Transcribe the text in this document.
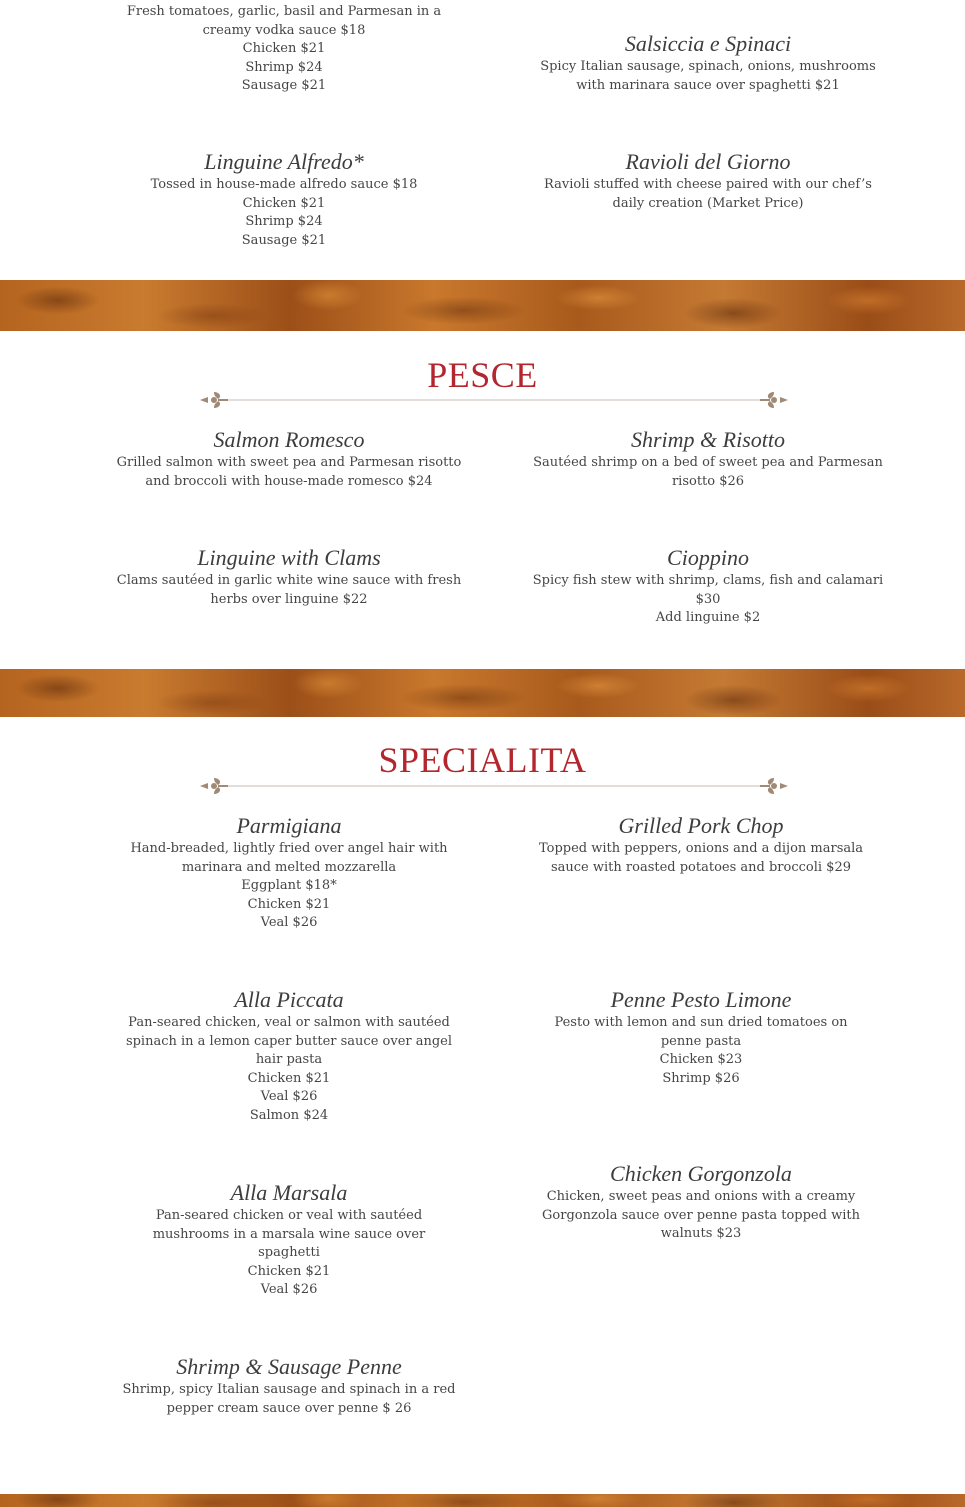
Fresh tomatoes, garlic, basil and Parmesan in a
creamy vodka sauce $18
Chicken $21
Shrimp $24
Sausage $21
Salsiccia e Spinaci
Spicy Italian sausage, spinach, onions, mushrooms
with marinara sauce over spaghetti $21
Linguine Alfredo*
Tossed in house-made alfredo sauce $18
Chicken $21
Shrimp $24
Sausage $21
Ravioli del Giorno
Ravioli stuffed with cheese paired with our chef’s
daily creation (Market Price)
PESCE
Salmon Romesco
Grilled salmon with sweet pea and Parmesan risotto
and broccoli with house-made romesco $24
Shrimp & Risotto
Sautéed shrimp on a bed of sweet pea and Parmesan
risotto $26
Linguine with Clams
Clams sautéed in garlic white wine sauce with fresh
herbs over linguine $22
Cioppino
Spicy fish stew with shrimp, clams, fish and calamari
$30
Add linguine $2
SPECIALITA
Parmigiana
Hand-breaded, lightly fried over angel hair with
marinara and melted mozzarella
Eggplant $18*
Chicken $21
Veal $26
Grilled Pork Chop
Topped with peppers, onions and a dijon marsala
sauce with roasted potatoes and broccoli $29
Alla Piccata
Pan-seared chicken, veal or salmon with sautéed
spinach in a lemon caper butter sauce over angel
hair pasta
Chicken $21
Veal $26
Salmon $24
Penne Pesto Limone
Pesto with lemon and sun dried tomatoes on
penne pasta
Chicken $23
Shrimp $26
Chicken Gorgonzola
Chicken, sweet peas and onions with a creamy
Gorgonzola sauce over penne pasta topped with
walnuts $23
Alla Marsala
Pan-seared chicken or veal with sautéed
mushrooms in a marsala wine sauce over
spaghetti
Chicken $21
Veal $26
Shrimp & Sausage Penne
Shrimp, spicy Italian sausage and spinach in a red
pepper cream sauce over penne $ 26
